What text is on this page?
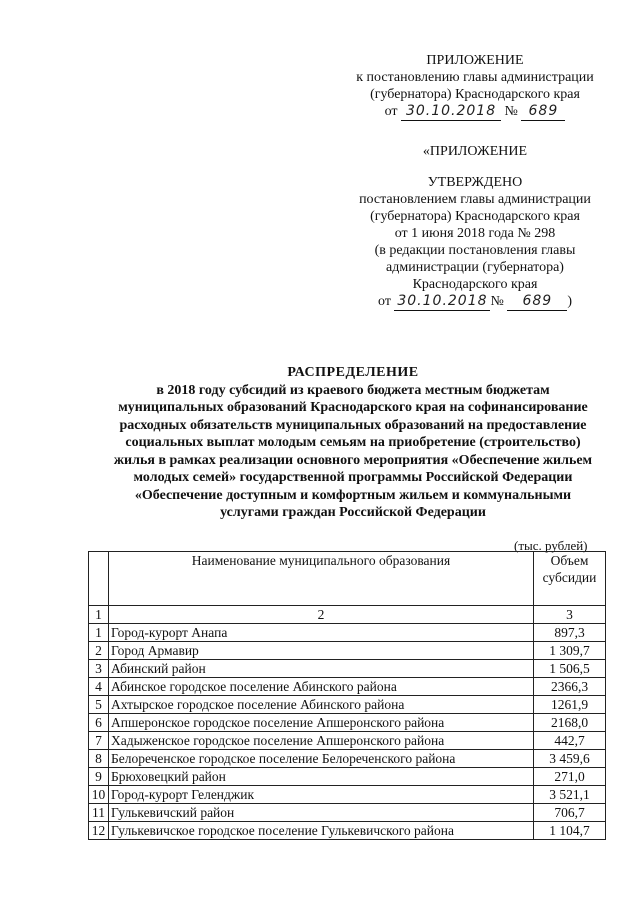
ПРИЛОЖЕНИЕ
к постановлению главы администрации
(губернатора) Краснодарского края
от 30.10.2018 № 689
«ПРИЛОЖЕНИЕ
УТВЕРЖДЕНО
постановлением главы администрации
(губернатора) Краснодарского края
от 1 июня 2018 года № 298
(в редакции постановления главы
администрации (губернатора)
Краснодарского края
от 30.10.2018 № 689 )
РАСПРЕДЕЛЕНИЕ
в 2018 году субсидий из краевого бюджета местным бюджетам
муниципальных образований Краснодарского края на софинансирование
расходных обязательств муниципальных образований на предоставление
социальных выплат молодым семьям на приобретение (строительство)
жилья в рамках реализации основного мероприятия «Обеспечение жильем
молодых семей» государственной программы Российской Федерации
«Обеспечение доступным и комфортным жильем и коммунальными
услугами граждан Российской Федерации
(тыс. рублей)
	Наименование муниципального образования	Объем
субсидии

1	2	3
1	Город-курорт Анапа	897,3
2	Город Армавир	1 309,7
3	Абинский район	1 506,5
4	Абинское городское поселение Абинского района	2366,3
5	Ахтырское городское поселение Абинского района	1261,9
6	Апшеронское городское поселение Апшеронского района	2168,0
7	Хадыженское городское поселение Апшеронского района	442,7
8	Белореченское городское поселение Белореченского района	3 459,6
9	Брюховецкий район	271,0
10	Город-курорт Геленджик	3 521,1
11	Гулькевичский район	706,7
12	Гулькевичское городское поселение Гулькевичского района	1 104,7
